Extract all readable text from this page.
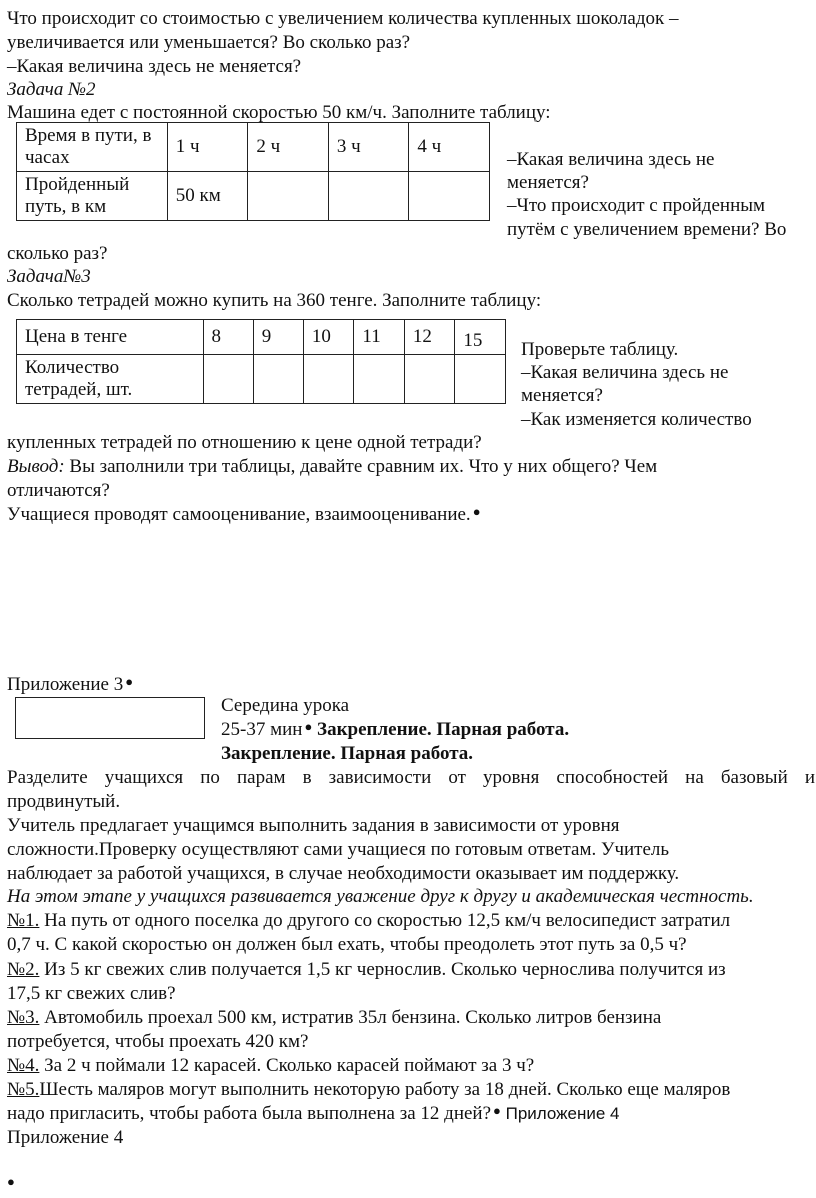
Что происходит со стоимостью с увеличением количества купленных шоколадок –
увеличивается или уменьшается? Во сколько раз?
–Какая величина здесь не меняется?
Задача №2
Машина едет с постоянной скоростью 50 км/ч. Заполните таблицу:
Время в пути, в часах	1 ч	2 ч	3 ч	4 ч
Пройденный путь, в км	50 км			
–Какая величина здесь не
меняется?
–Что происходит с пройденным
путём с увеличением времени? Во
сколько раз?
Задача№3
Сколько тетрадей можно купить на 360 тенге. Заполните таблицу:
Цена в тенге	8	9	10	11	12	15
Количество тетрадей, шт.						
Проверьте таблицу.
–Какая величина здесь не
меняется?
–Как изменяется количество
купленных тетрадей по отношению к цене одной тетради?
Вывод: Вы заполнили три таблицы, давайте сравним их. Что у них общего? Чем
отличаются?
Учащиеся проводят самооценивание, взаимооценивание. ●
Приложение 3 ●
Середина урока
25-37 мин ● Закрепление. Парная работа.
Закрепление. Парная работа.
Разделите учащихся по парам в зависимости от уровня способностей на базовый и
продвинутый.
Учитель предлагает учащимся выполнить задания в зависимости от уровня
сложности.Проверку осуществляют сами учащиеся по готовым ответам. Учитель
наблюдает за работой учащихся, в случае необходимости оказывает им поддержку.
На этом этапе у учащихся развивается уважение друг к другу и академическая честность.
№1. На путь от одного поселка до другого со скоростью 12,5 км/ч велосипедист затратил
0,7 ч. С какой скоростью он должен был ехать, чтобы преодолеть этот путь за 0,5 ч?
№2. Из 5 кг свежих слив получается 1,5 кг чернослив. Сколько чернослива получится из
17,5 кг свежих слив?
№3. Автомобиль проехал 500 км, истратив 35л бензина. Сколько литров бензина
потребуется, чтобы проехать 420 км?
№4. За 2 ч поймали 12 карасей. Сколько карасей поймают за 3 ч?
№5.Шесть маляров могут выполнить некоторую работу за 18 дней. Сколько еще маляров
надо пригласить, чтобы работа была выполнена за 12 дней? ● Приложение 4
Приложение 4
●
